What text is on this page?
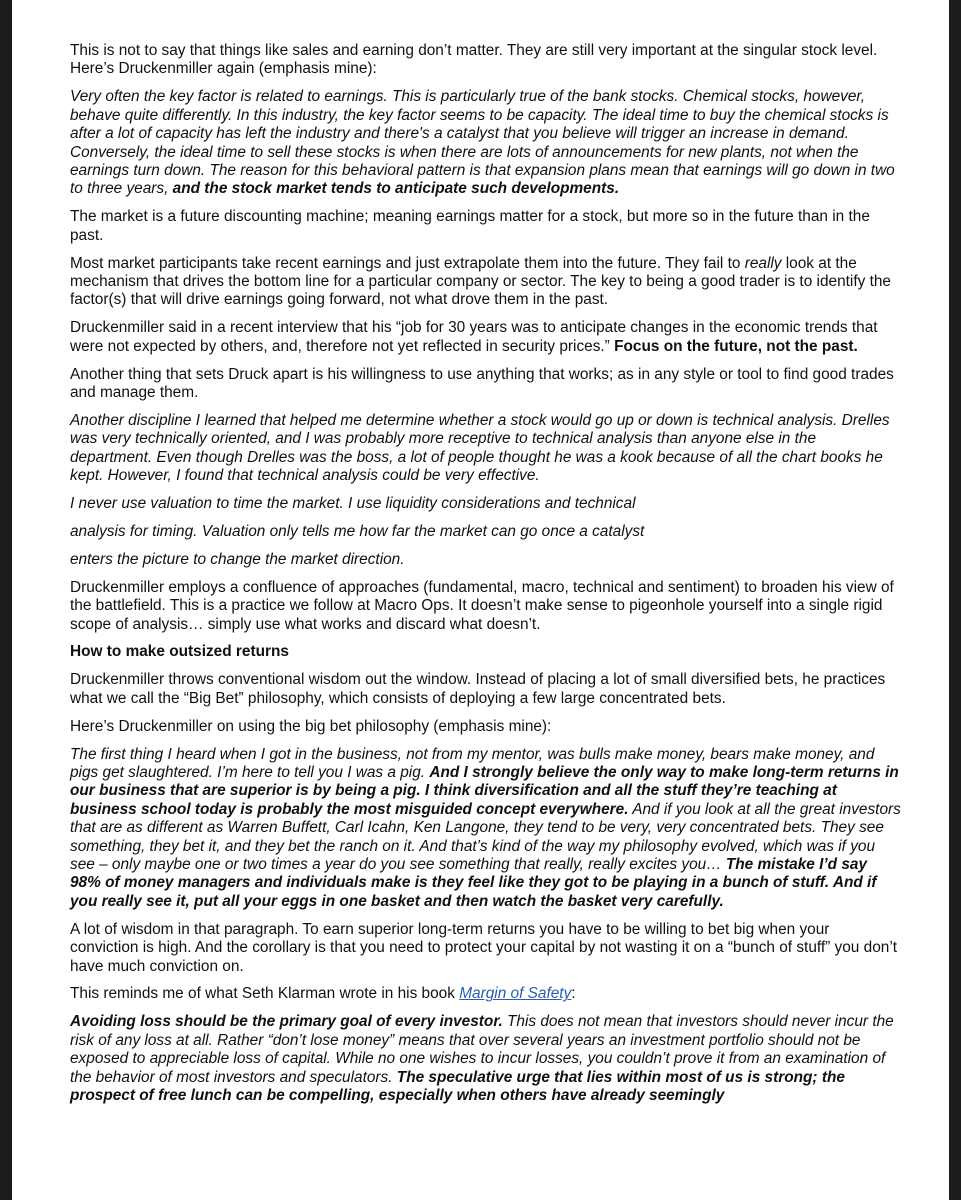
This is not to say that things like sales and earning don’t matter. They are still very important at the singular stock level. Here’s Druckenmiller again (emphasis mine):

Very often the key factor is related to earnings. This is particularly true of the bank stocks. Chemical stocks, however, behave quite differently. In this industry, the key factor seems to be capacity. The ideal time to buy the chemical stocks is after a lot of capacity has left the industry and there's a catalyst that you believe will trigger an increase in demand. Conversely, the ideal time to sell these stocks is when there are lots of announcements for new plants, not when the earnings turn down. The reason for this behavioral pattern is that expansion plans mean that earnings will go down in two to three years, and the stock market tends to anticipate such developments.

The market is a future discounting machine; meaning earnings matter for a stock, but more so in the future than in the past.

Most market participants take recent earnings and just extrapolate them into the future. They fail to really look at the mechanism that drives the bottom line for a particular company or sector. The key to being a good trader is to identify the factor(s) that will drive earnings going forward, not what drove them in the past.

Druckenmiller said in a recent interview that his “job for 30 years was to anticipate changes in the economic trends that were not expected by others, and, therefore not yet reflected in security prices.” Focus on the future, not the past.

Another thing that sets Druck apart is his willingness to use anything that works; as in any style or tool to find good trades and manage them.

Another discipline I learned that helped me determine whether a stock would go up or down is technical analysis. Drelles was very technically oriented, and I was probably more receptive to technical analysis than anyone else in the department. Even though Drelles was the boss, a lot of people thought he was a kook because of all the chart books he kept. However, I found that technical analysis could be very effective.

I never use valuation to time the market. I use liquidity considerations and technical

analysis for timing. Valuation only tells me how far the market can go once a catalyst

enters the picture to change the market direction.

Druckenmiller employs a confluence of approaches (fundamental, macro, technical and sentiment) to broaden his view of the battlefield. This is a practice we follow at Macro Ops. It doesn’t make sense to pigeonhole yourself into a single rigid scope of analysis… simply use what works and discard what doesn’t.

How to make outsized returns

Druckenmiller throws conventional wisdom out the window. Instead of placing a lot of small diversified bets, he practices what we call the “Big Bet” philosophy, which consists of deploying a few large concentrated bets.

Here’s Druckenmiller on using the big bet philosophy (emphasis mine):

The first thing I heard when I got in the business, not from my mentor, was bulls make money, bears make money, and pigs get slaughtered. I’m here to tell you I was a pig. And I strongly believe the only way to make long-term returns in our business that are superior is by being a pig. I think diversification and all the stuff they’re teaching at business school today is probably the most misguided concept everywhere. And if you look at all the great investors that are as different as Warren Buffett, Carl Icahn, Ken Langone, they tend to be very, very concentrated bets. They see something, they bet it, and they bet the ranch on it. And that’s kind of the way my philosophy evolved, which was if you see – only maybe one or two times a year do you see something that really, really excites you… The mistake I’d say 98% of money managers and individuals make is they feel like they got to be playing in a bunch of stuff. And if you really see it, put all your eggs in one basket and then watch the basket very carefully.

A lot of wisdom in that paragraph. To earn superior long-term returns you have to be willing to bet big when your conviction is high. And the corollary is that you need to protect your capital by not wasting it on a “bunch of stuff” you don’t have much conviction on.

This reminds me of what Seth Klarman wrote in his book Margin of Safety:

Avoiding loss should be the primary goal of every investor. This does not mean that investors should never incur the risk of any loss at all. Rather “don’t lose money” means that over several years an investment portfolio should not be exposed to appreciable loss of capital. While no one wishes to incur losses, you couldn’t prove it from an examination of the behavior of most investors and speculators. The speculative urge that lies within most of us is strong; the prospect of free lunch can be compelling, especially when others have already seemingly
